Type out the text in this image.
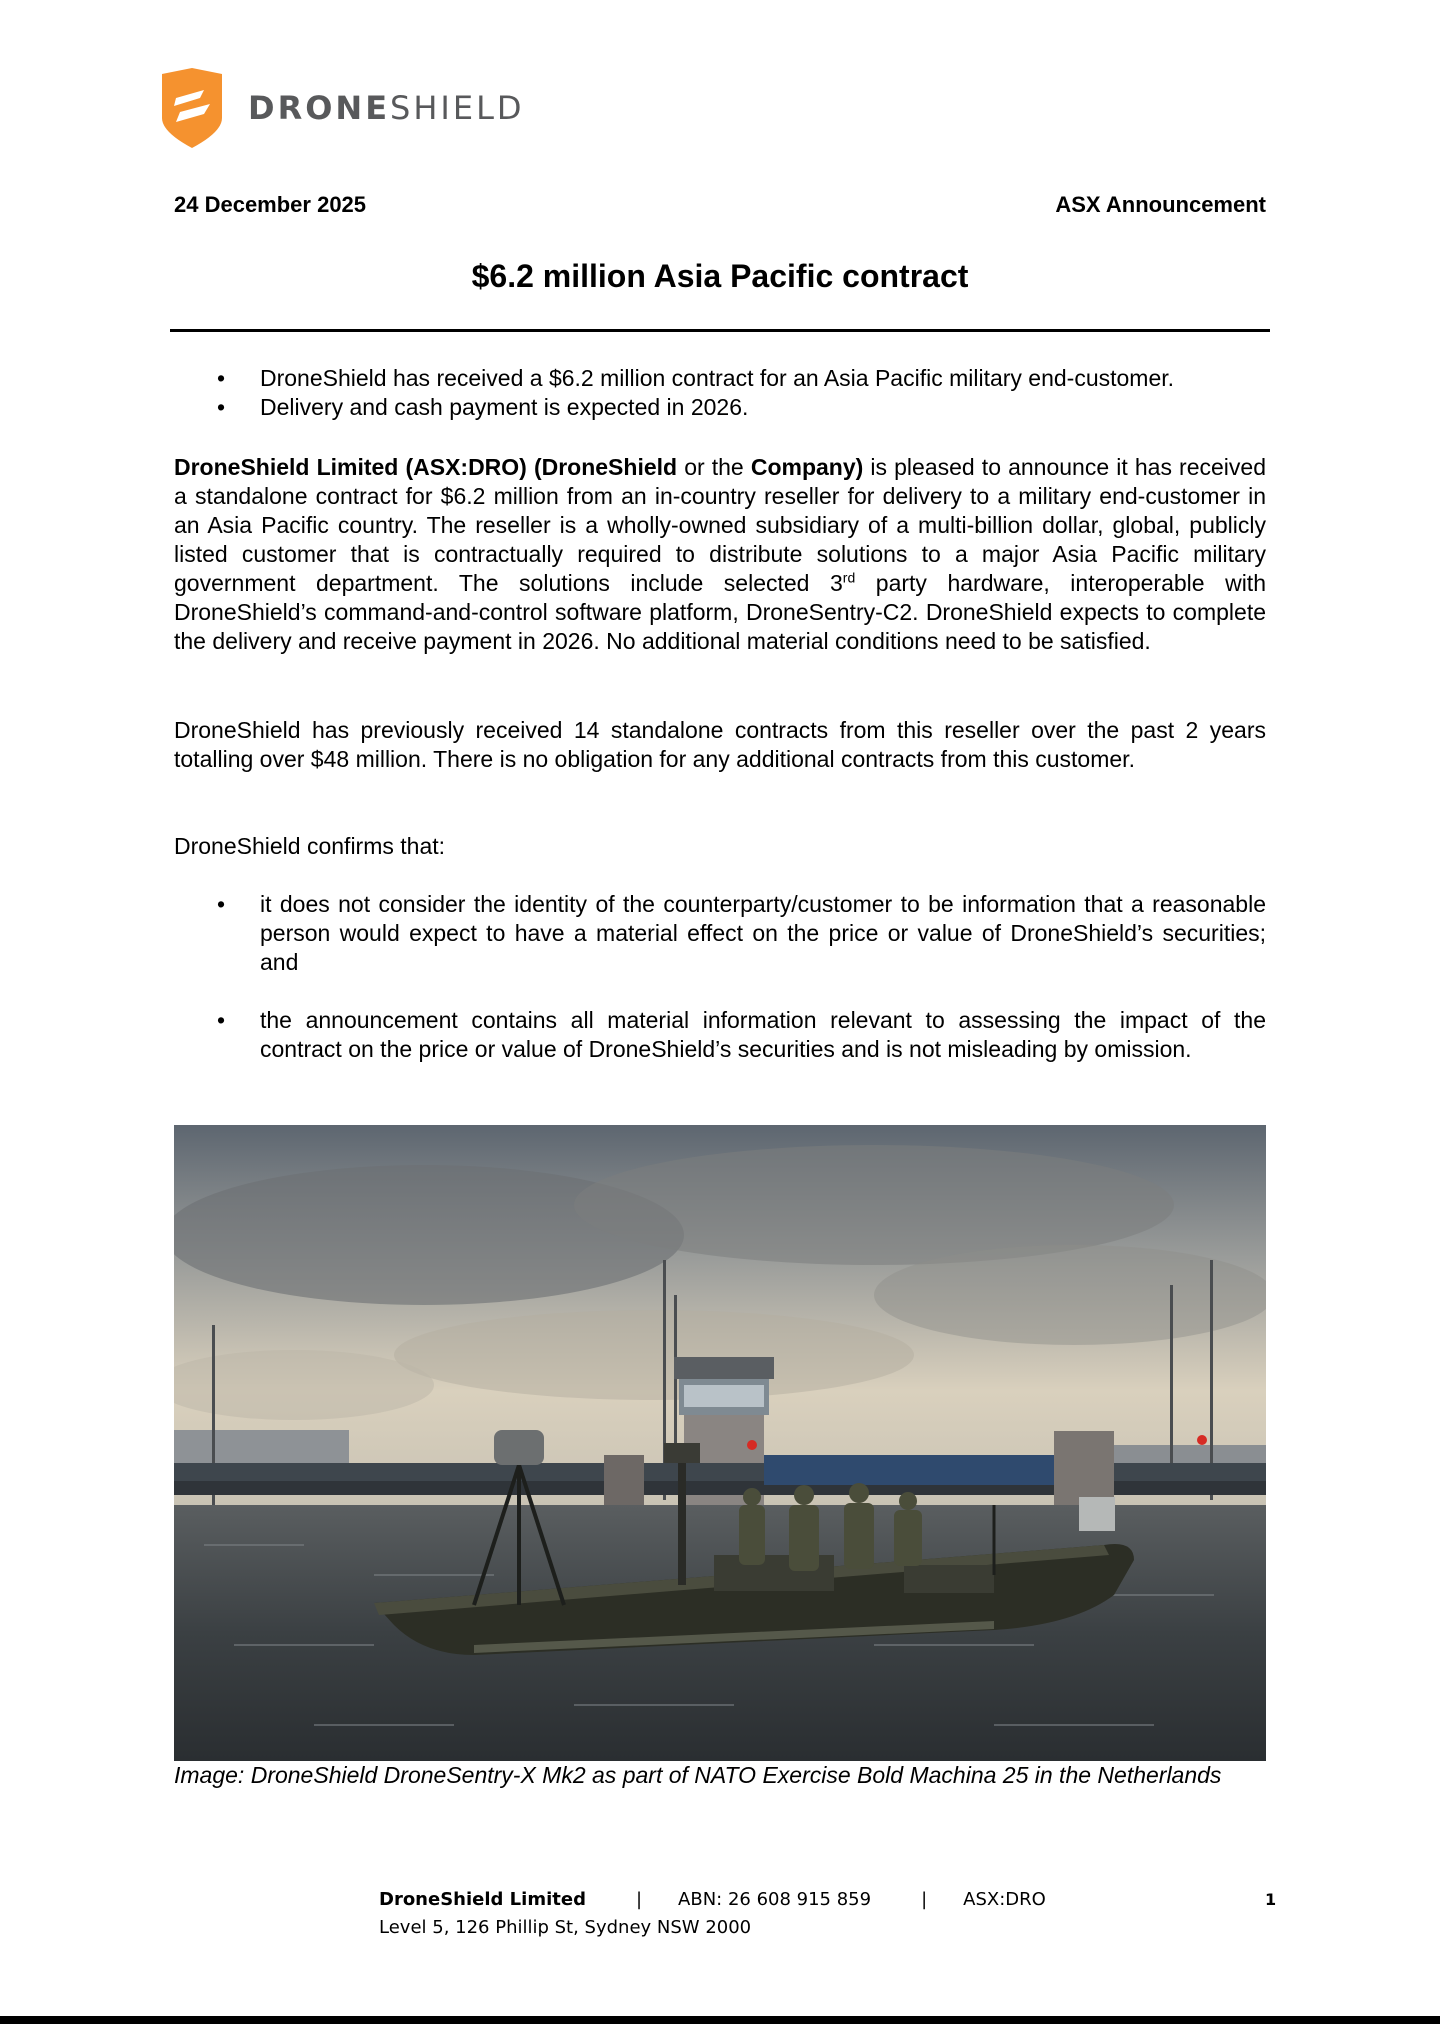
DRONESHIELD
24 December 2025	ASX Announcement
$6.2 million Asia Pacific contract
• DroneShield has received a $6.2 million contract for an Asia Pacific military end-customer.
• Delivery and cash payment is expected in 2026.

DroneShield Limited (ASX:DRO) (DroneShield or the Company) is pleased to announce it has received a standalone contract for $6.2 million from an in-country reseller for delivery to a military end-customer in an Asia Pacific country. The reseller is a wholly-owned subsidiary of a multi-billion dollar, global, publicly listed customer that is contractually required to distribute solutions to a major Asia Pacific military government department. The solutions include selected 3rd party hardware, interoperable with DroneShield’s command-and-control software platform, DroneSentry-C2. DroneShield expects to complete the delivery and receive payment in 2026. No additional material conditions need to be satisfied.

DroneShield has previously received 14 standalone contracts from this reseller over the past 2 years totalling over $48 million. There is no obligation for any additional contracts from this customer.

DroneShield confirms that:

• it does not consider the identity of the counterparty/customer to be information that a reasonable person would expect to have a material effect on the price or value of DroneShield’s securities; and
• the announcement contains all material information relevant to assessing the impact of the contract on the price or value of DroneShield’s securities and is not misleading by omission.
Image: DroneShield DroneSentry-X Mk2 as part of NATO Exercise Bold Machina 25 in the Netherlands
DroneShield Limited	| ABN: 26 608 915 859	| ASX:DRO
Level 5, 126 Phillip St, Sydney NSW 2000
1
